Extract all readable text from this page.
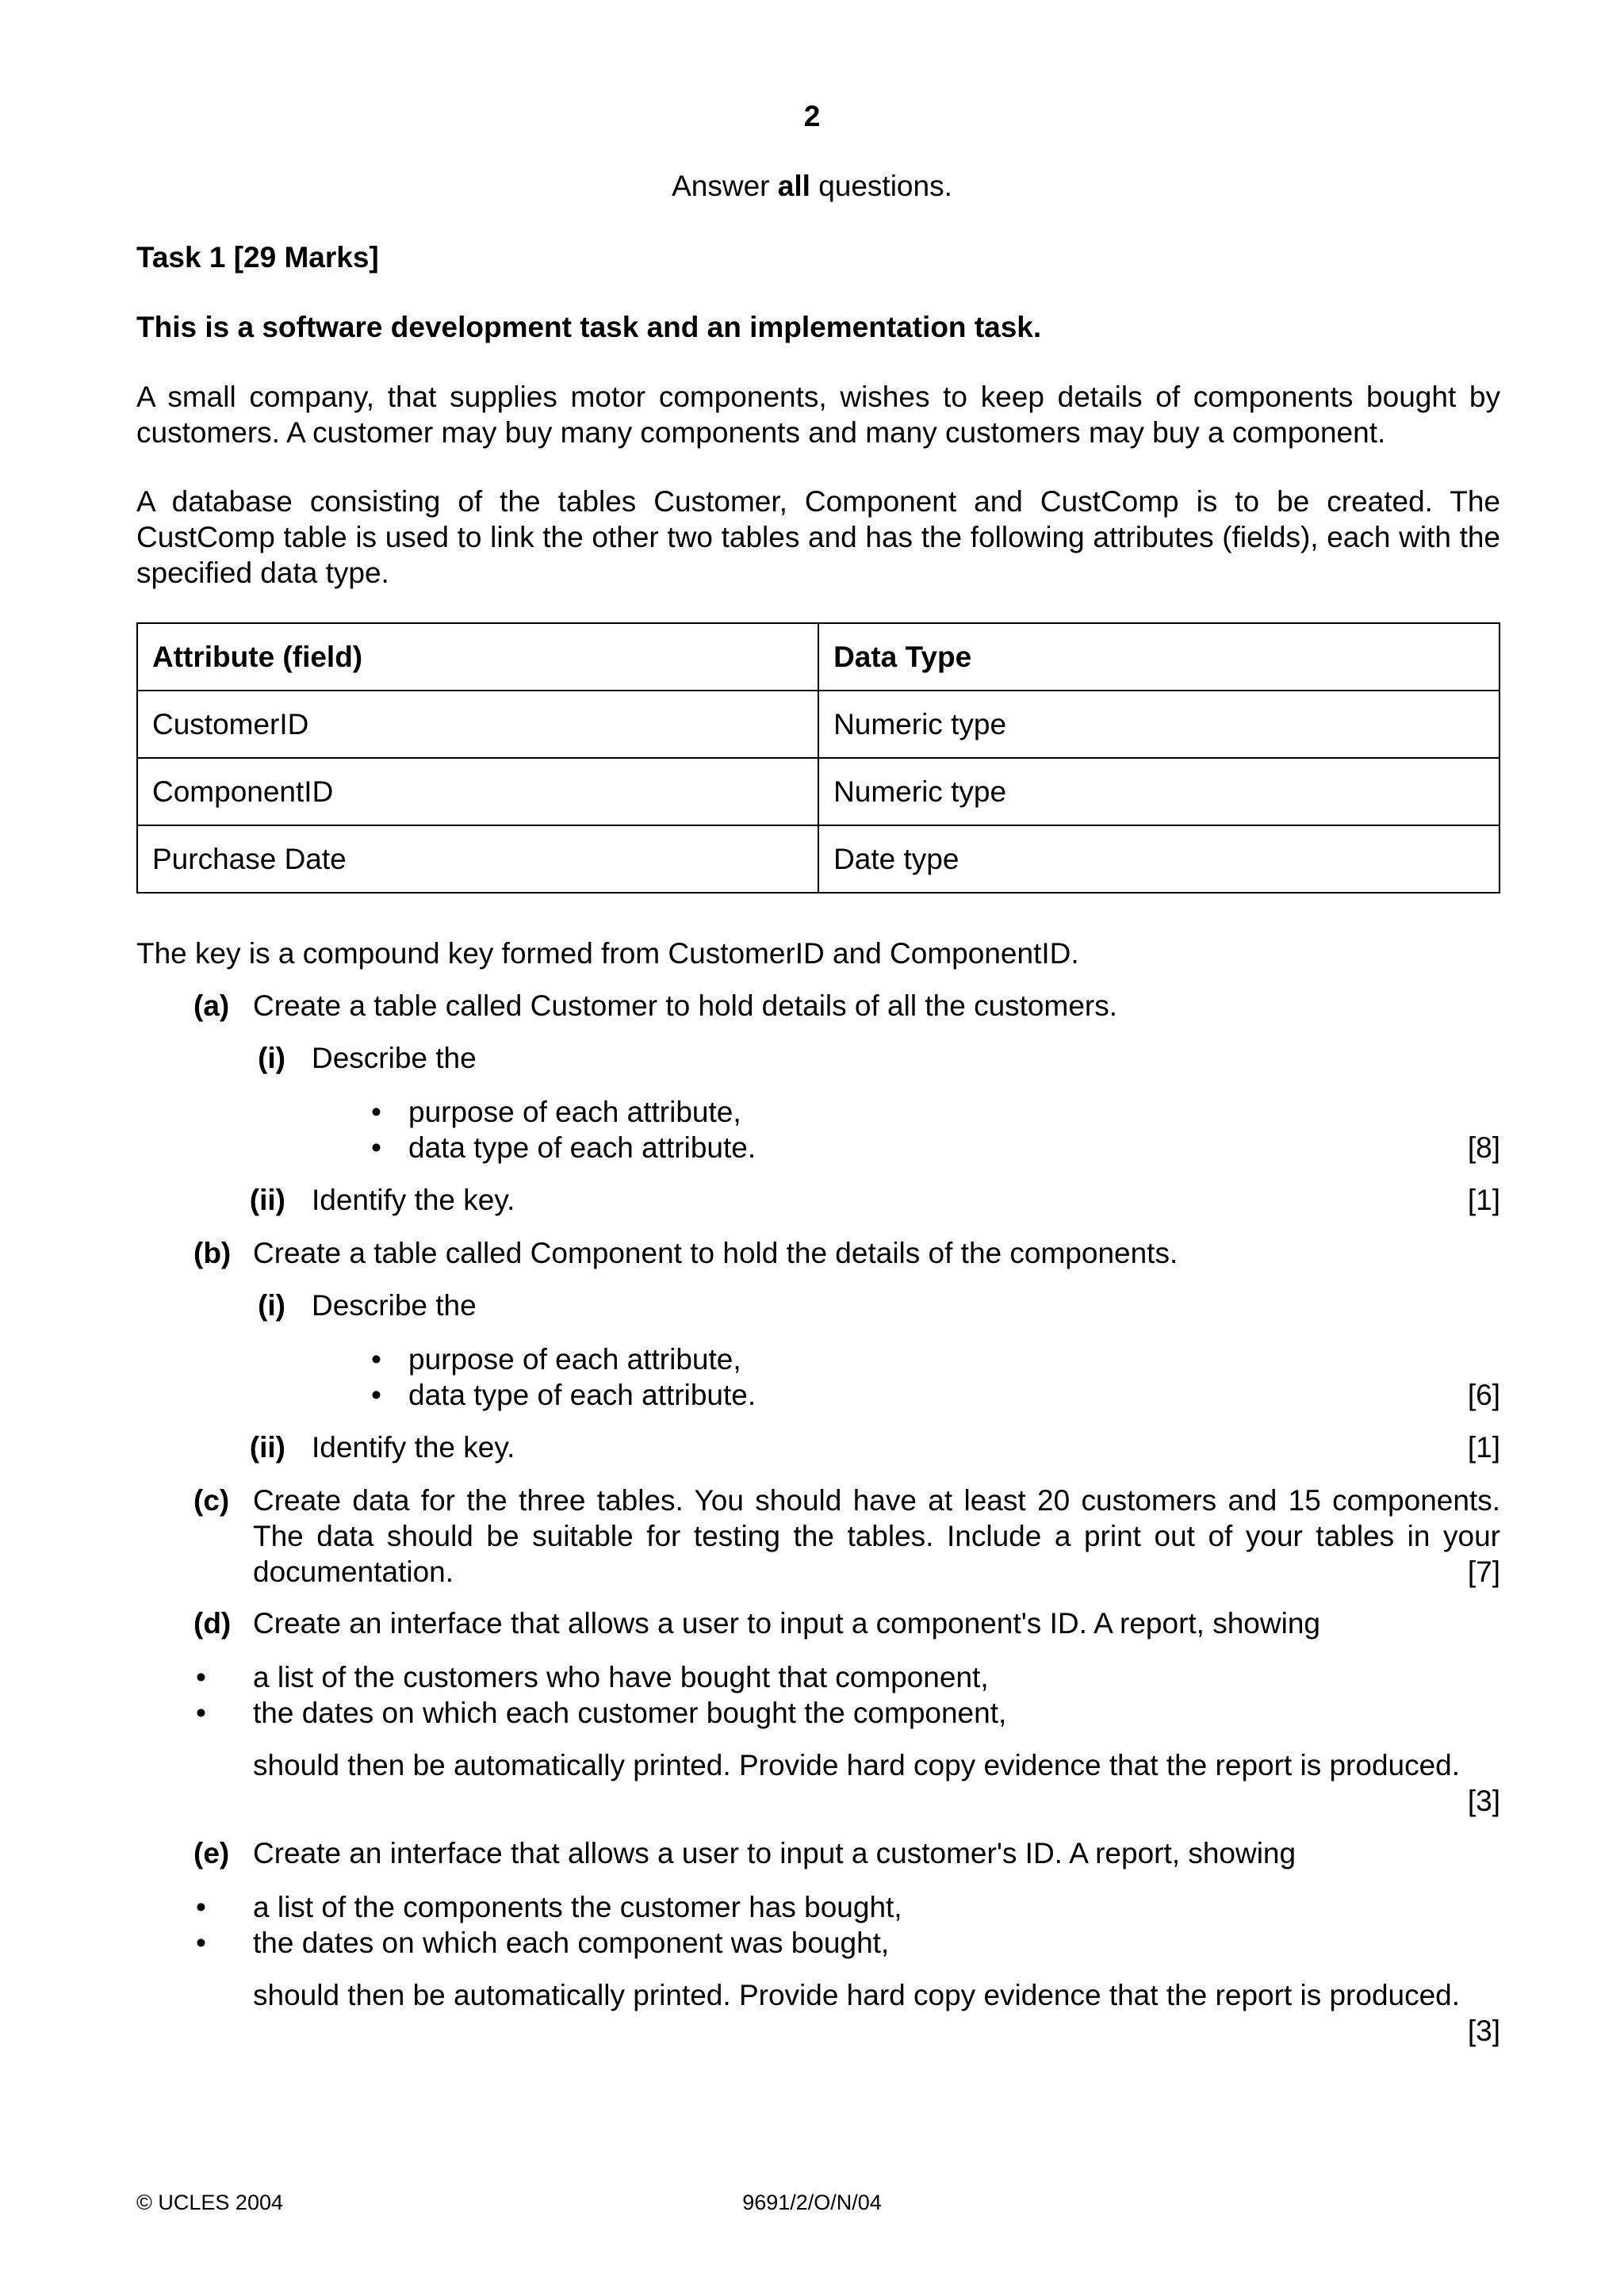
2
Answer all questions.
Task 1 [29 Marks]
This is a software development task and an implementation task.
A small company, that supplies motor components, wishes to keep details of components bought by customers. A customer may buy many components and many customers may buy a component.
A database consisting of the tables Customer, Component and CustComp is to be created. The CustComp table is used to link the other two tables and has the following attributes (fields), each with the specified data type.
Attribute (field)	Data Type
CustomerID	Numeric type
ComponentID	Numeric type
Purchase Date	Date type
The key is a compound key formed from CustomerID and ComponentID.
(a) Create a table called Customer to hold details of all the customers.
(i) Describe the
• purpose of each attribute,
• data type of each attribute.	[8]
(ii) Identify the key.	[1]
(b) Create a table called Component to hold the details of the components.
(i) Describe the
• purpose of each attribute,
• data type of each attribute.	[6]
(ii) Identify the key.	[1]
(c) Create data for the three tables. You should have at least 20 customers and 15 components. The data should be suitable for testing the tables. Include a print out of your tables in your documentation.	[7]
(d) Create an interface that allows a user to input a component's ID. A report, showing
• a list of the customers who have bought that component,
• the dates on which each customer bought the component,
should then be automatically printed. Provide hard copy evidence that the report is produced.
[3]
(e) Create an interface that allows a user to input a customer's ID. A report, showing
• a list of the components the customer has bought,
• the dates on which each component was bought,
should then be automatically printed. Provide hard copy evidence that the report is produced.
[3]
© UCLES 2004	9691/2/O/N/04
